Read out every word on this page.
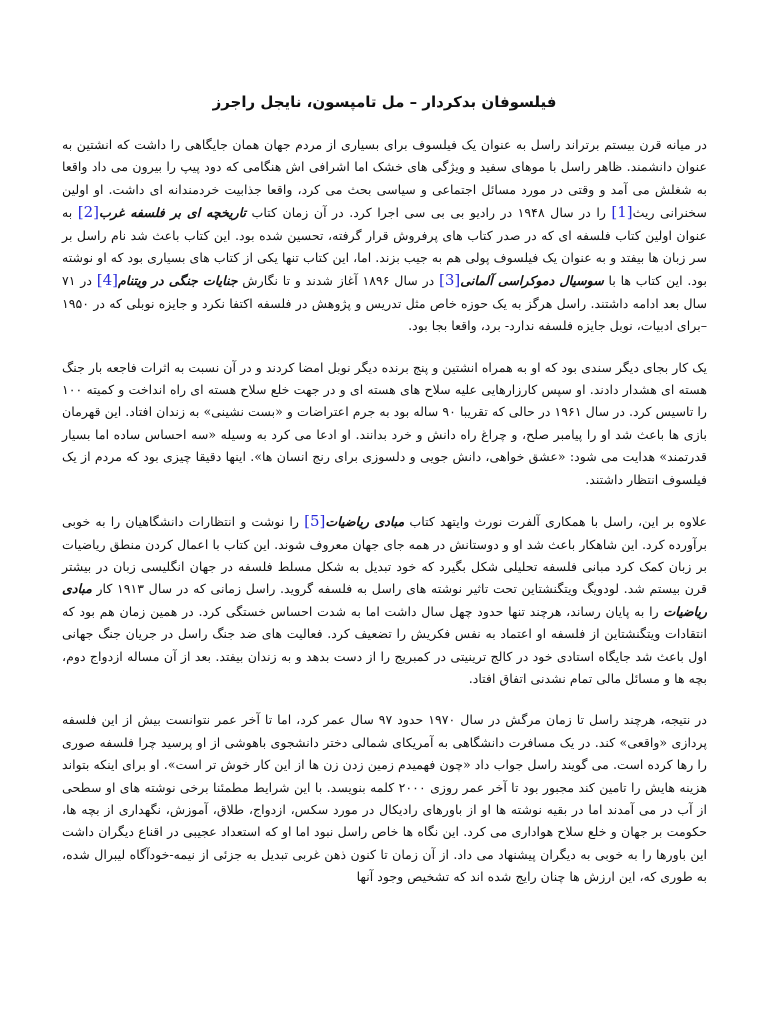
فیلسوفان بدکردار – مل تامپسون، نایجل راجرز

در میانه قرن بیستم برتراند راسل به عنوان یک فیلسوف برای بسیاری از مردم جهان همان جایگاهی را داشت که انشتین به عنوان دانشمند. ظاهر راسل با موهای سفید و ویژگی های خشک اما اشرافی اش هنگامی که دود پیپ را بیرون می داد واقعا به شغلش می آمد و وقتی در مورد مسائل اجتماعی و سیاسی بحث می کرد، واقعا جذابیت خردمندانه ای داشت. او اولین سخنرانی ریث[1] را در سال ۱۹۴۸ در رادیو بی بی سی اجرا کرد. در آن زمان کتاب تاریخچه ای بر فلسفه غرب[2] به عنوان اولین کتاب فلسفه ای که در صدر کتاب های پرفروش قرار گرفته، تحسین شده بود. این کتاب باعث شد نام راسل بر سر زبان ها بیفتد و به عنوان یک فیلسوف پولی هم به جیب بزند. اما، این کتاب تنها یکی از کتاب های بسیاری بود که او نوشته بود. این کتاب ها با سوسیال دموکراسی آلمانی[3] در سال ۱۸۹۶ آغاز شدند و تا نگارش جنایات جنگی در ویتنام[4] در ۷۱ سال بعد ادامه داشتند. راسل هرگز به یک حوزه خاص مثل تدریس و پژوهش در فلسفه اکتفا نکرد و جایزه نوبلی که در ۱۹۵۰ –برای ادبیات، نوبل جایزه فلسفه ندارد- برد، واقعا بجا بود.

یک کار بجای دیگر سندی بود که او به همراه انشتین و پنج برنده دیگر نوبل امضا کردند و در آن نسبت به اثرات فاجعه بار جنگ هسته ای هشدار دادند. او سپس کارزارهایی علیه سلاح های هسته ای و در جهت خلع سلاح هسته ای راه انداخت و کمیته ۱۰۰ را تاسیس کرد. در سال ۱۹۶۱ در حالی که تقریبا ۹۰ ساله بود به جرم اعتراضات و «بست نشینی» به زندان افتاد. این قهرمان بازی ها باعث شد او را پیامبر صلح، و چراغ راه دانش و خرد بدانند. او ادعا می کرد به وسیله «سه احساس ساده اما بسیار قدرتمند» هدایت می شود: «عشق خواهی، دانش جویی و دلسوزی برای رنج انسان ها». اینها دقیقا چیزی بود که مردم از یک فیلسوف انتظار داشتند.

علاوه بر این، راسل با همکاری آلفرت نورث وایتهد کتاب مبادی ریاضیات[5] را نوشت و انتظارات دانشگاهیان را به خوبی برآورده کرد. این شاهکار باعث شد او و دوستانش در همه جای جهان معروف شوند. این کتاب با اعمال کردن منطق ریاضیات بر زبان کمک کرد مبانی فلسفه تحلیلی شکل بگیرد که خود تبدیل به شکل مسلط فلسفه در جهان انگلیسی زبان در بیشتر قرن بیستم شد. لودویگ ویتگنشتاین تحت تاثیر نوشته های راسل به فلسفه گروید. راسل زمانی که در سال ۱۹۱۳ کار مبادی ریاضیات را به پایان رساند، هرچند تنها حدود چهل سال داشت اما به شدت احساس خستگی کرد. در همین زمان هم بود که انتقادات ویتگنشتاین از فلسفه او اعتماد به نفس فکریش را تضعیف کرد. فعالیت های ضد جنگ راسل در جریان جنگ جهانی اول باعث شد جایگاه استادی خود در کالج ترینیتی در کمبریج را از دست بدهد و به زندان بیفتد. بعد از آن مساله ازدواج دوم، بچه ها و مسائل مالی تمام نشدنی اتفاق افتاد.

در نتیجه، هرچند راسل تا زمان مرگش در سال ۱۹۷۰ حدود ۹۷ سال عمر کرد، اما تا آخر عمر نتوانست بیش از این فلسفه پردازی «واقعی» کند. در یک مسافرت دانشگاهی به آمریکای شمالی دختر دانشجوی باهوشی از او پرسید چرا فلسفه صوری را رها کرده است. می گویند راسل جواب داد «چون فهمیدم زمین زدن زن ها از این کار خوش تر است». او برای اینکه بتواند هزینه هایش را تامین کند مجبور بود تا آخر عمر روزی ۲۰۰۰ کلمه بنویسد. با این شرایط مطمئنا برخی نوشته های او سطحی از آب در می آمدند اما در بقیه نوشته ها او از باورهای رادیکال در مورد سکس، ازدواج، طلاق، آموزش، نگهداری از بچه ها، حکومت بر جهان و خلع سلاح هواداری می کرد. این نگاه ها خاص راسل نبود اما او که استعداد عجیبی در اقناع دیگران داشت این باورها را به خوبی به دیگران پیشنهاد می داد. از آن زمان تا کنون ذهن غربی تبدیل به جزئی از نیمه-خودآگاه لیبرال شده، به طوری که، این ارزش ها چنان رایج شده اند که تشخیص وجود آنها
